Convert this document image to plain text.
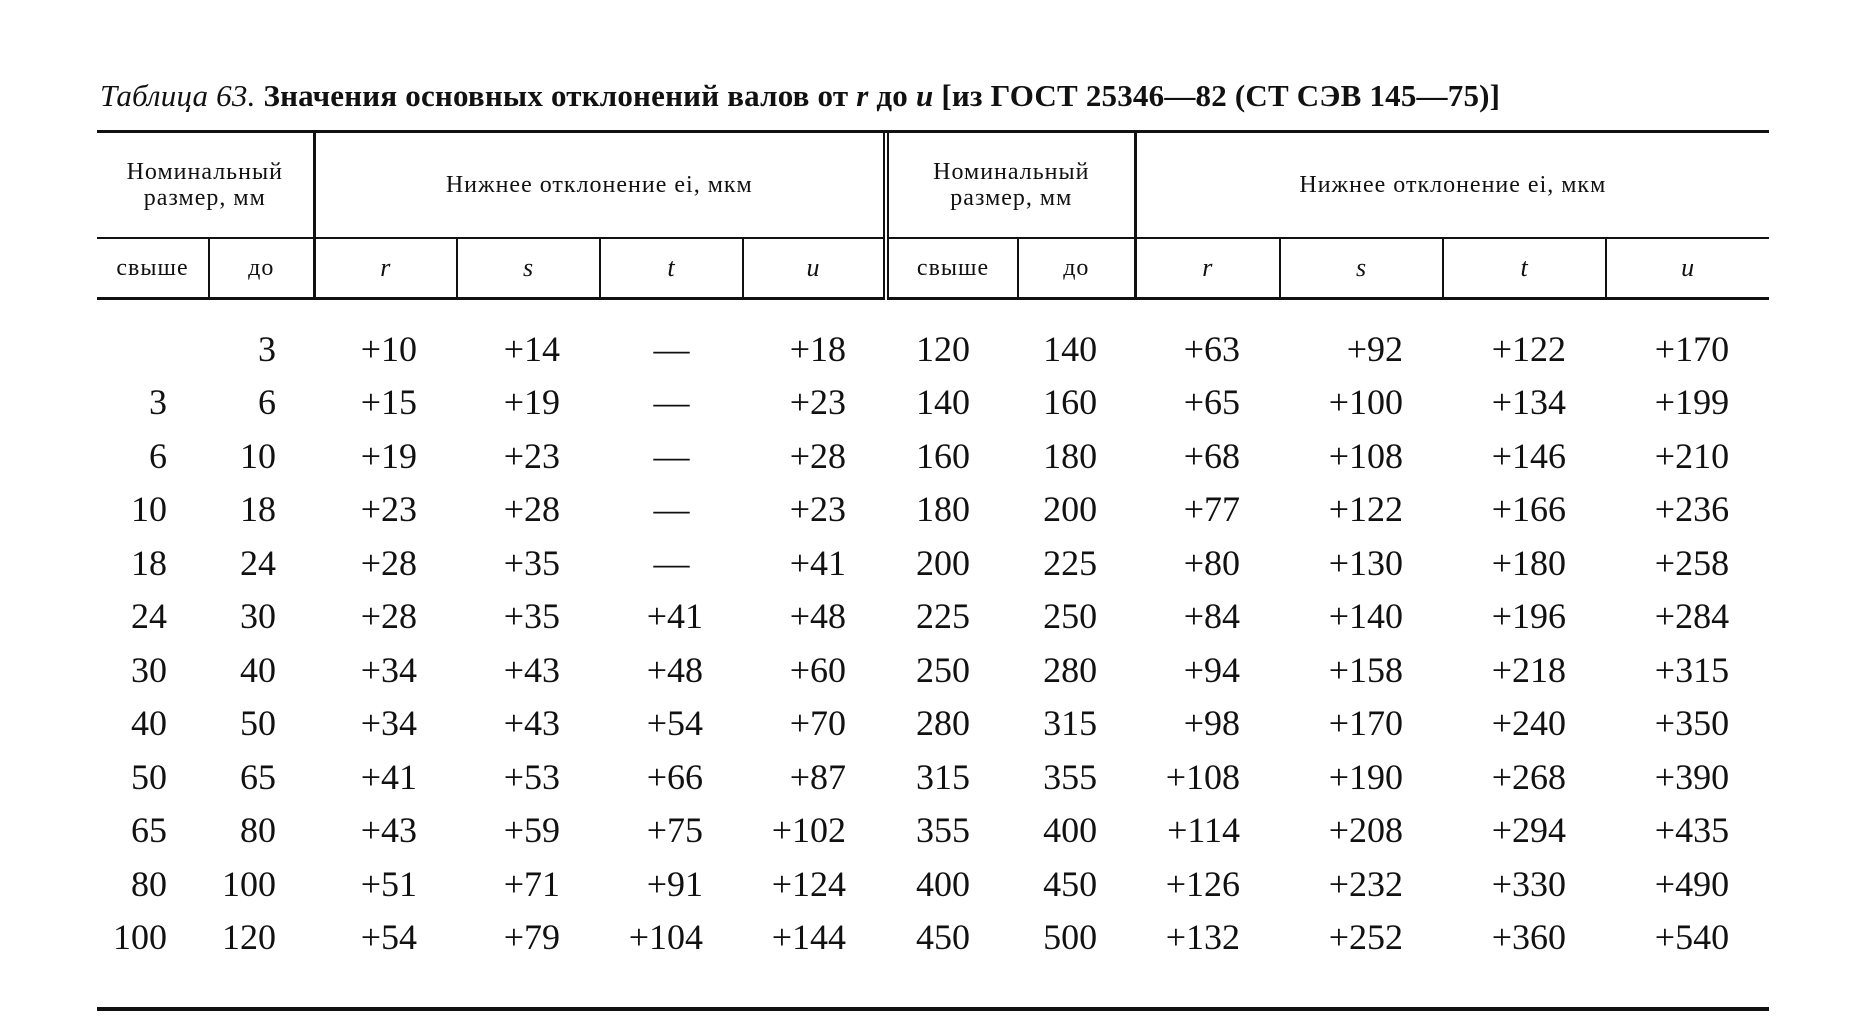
Таблица 63. Значения основных отклонений валов от r до u [из ГОСТ 25346—82 (СТ СЭВ 145—75)]
Номинальный размер, мм		Нижнее отклонение ei, мкм				Номинальный размер, мм		Нижнее отклонение ei, мкм			
свыше	до	r	s	t	u	свыше	до	r	s	t	u
	3	+10	+14	—	+18	120	140	+63	+92	+122	+170
3	6	+15	+19	—	+23	140	160	+65	+100	+134	+199
6	10	+19	+23	—	+28	160	180	+68	+108	+146	+210
10	18	+23	+28	—	+23	180	200	+77	+122	+166	+236
18	24	+28	+35	—	+41	200	225	+80	+130	+180	+258
24	30	+28	+35	+41	+48	225	250	+84	+140	+196	+284
30	40	+34	+43	+48	+60	250	280	+94	+158	+218	+315
40	50	+34	+43	+54	+70	280	315	+98	+170	+240	+350
50	65	+41	+53	+66	+87	315	355	+108	+190	+268	+390
65	80	+43	+59	+75	+102	355	400	+114	+208	+294	+435
80	100	+51	+71	+91	+124	400	450	+126	+232	+330	+490
100	120	+54	+79	+104	+144	450	500	+132	+252	+360	+540
